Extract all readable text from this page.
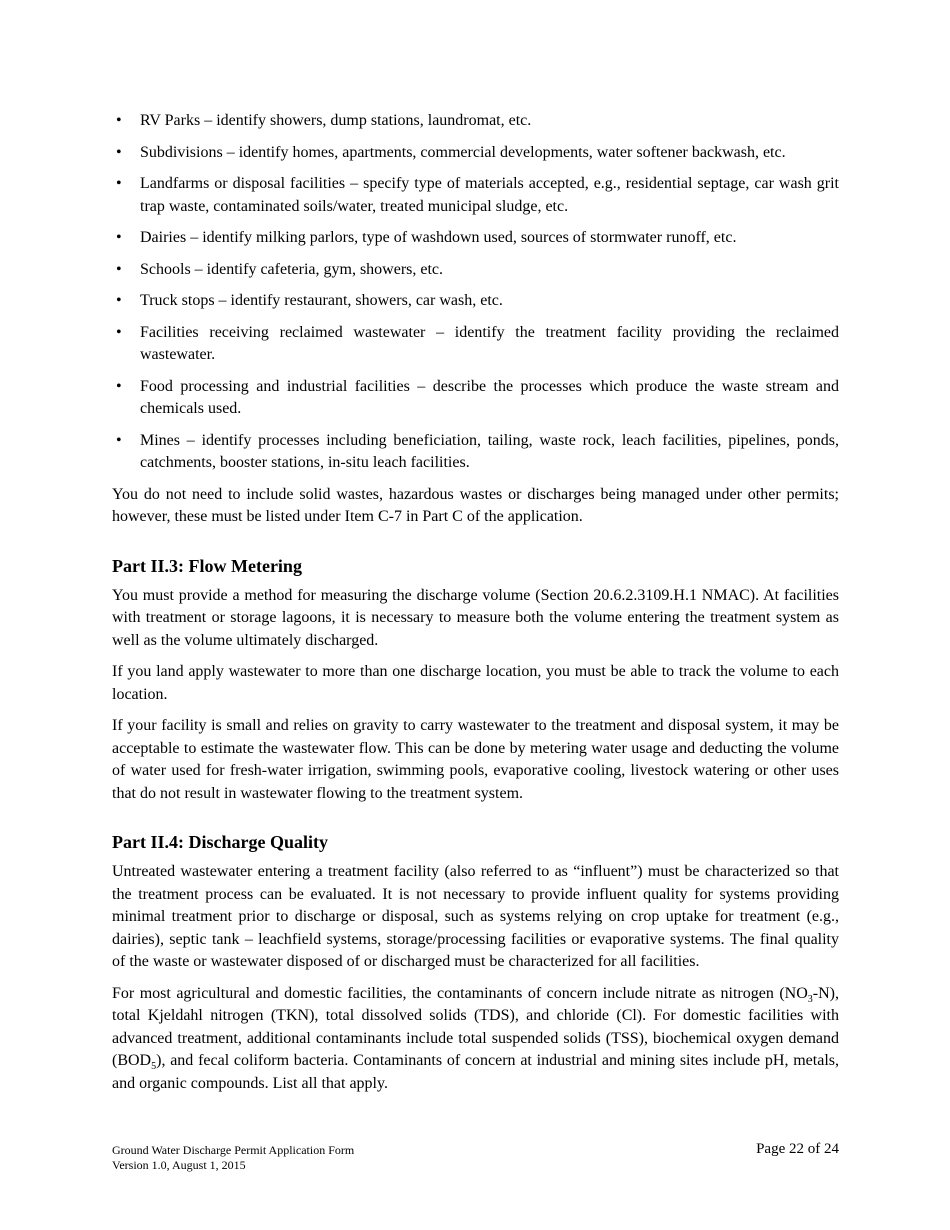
• RV Parks – identify showers, dump stations, laundromat, etc.
• Subdivisions – identify homes, apartments, commercial developments, water softener backwash, etc.
• Landfarms or disposal facilities – specify type of materials accepted, e.g., residential septage, car wash grit trap waste, contaminated soils/water, treated municipal sludge, etc.
• Dairies – identify milking parlors, type of washdown used, sources of stormwater runoff, etc.
• Schools – identify cafeteria, gym, showers, etc.
• Truck stops – identify restaurant, showers, car wash, etc.
• Facilities receiving reclaimed wastewater – identify the treatment facility providing the reclaimed wastewater.
• Food processing and industrial facilities – describe the processes which produce the waste stream and chemicals used.
• Mines – identify processes including beneficiation, tailing, waste rock, leach facilities, pipelines, ponds, catchments, booster stations, in-situ leach facilities.

You do not need to include solid wastes, hazardous wastes or discharges being managed under other permits; however, these must be listed under Item C-7 in Part C of the application.

Part II.3: Flow Metering

You must provide a method for measuring the discharge volume (Section 20.6.2.3109.H.1 NMAC). At facilities with treatment or storage lagoons, it is necessary to measure both the volume entering the treatment system as well as the volume ultimately discharged.

If you land apply wastewater to more than one discharge location, you must be able to track the volume to each location.

If your facility is small and relies on gravity to carry wastewater to the treatment and disposal system, it may be acceptable to estimate the wastewater flow. This can be done by metering water usage and deducting the volume of water used for fresh-water irrigation, swimming pools, evaporative cooling, livestock watering or other uses that do not result in wastewater flowing to the treatment system.

Part II.4: Discharge Quality

Untreated wastewater entering a treatment facility (also referred to as “influent”) must be characterized so that the treatment process can be evaluated. It is not necessary to provide influent quality for systems providing minimal treatment prior to discharge or disposal, such as systems relying on crop uptake for treatment (e.g., dairies), septic tank – leachfield systems, storage/processing facilities or evaporative systems. The final quality of the waste or wastewater disposed of or discharged must be characterized for all facilities.

For most agricultural and domestic facilities, the contaminants of concern include nitrate as nitrogen $(NO_3-N)$, total Kjeldahl nitrogen (TKN), total dissolved solids (TDS), and chloride (Cl). For domestic facilities with advanced treatment, additional contaminants include total suspended solids (TSS), biochemical oxygen demand $(BOD_5)$, and fecal coliform bacteria. Contaminants of concern at industrial and mining sites include pH, metals, and organic compounds. List all that apply.

Ground Water Discharge Permit Application Form
Version 1.0, August 1, 2015
Page 22 of 24
